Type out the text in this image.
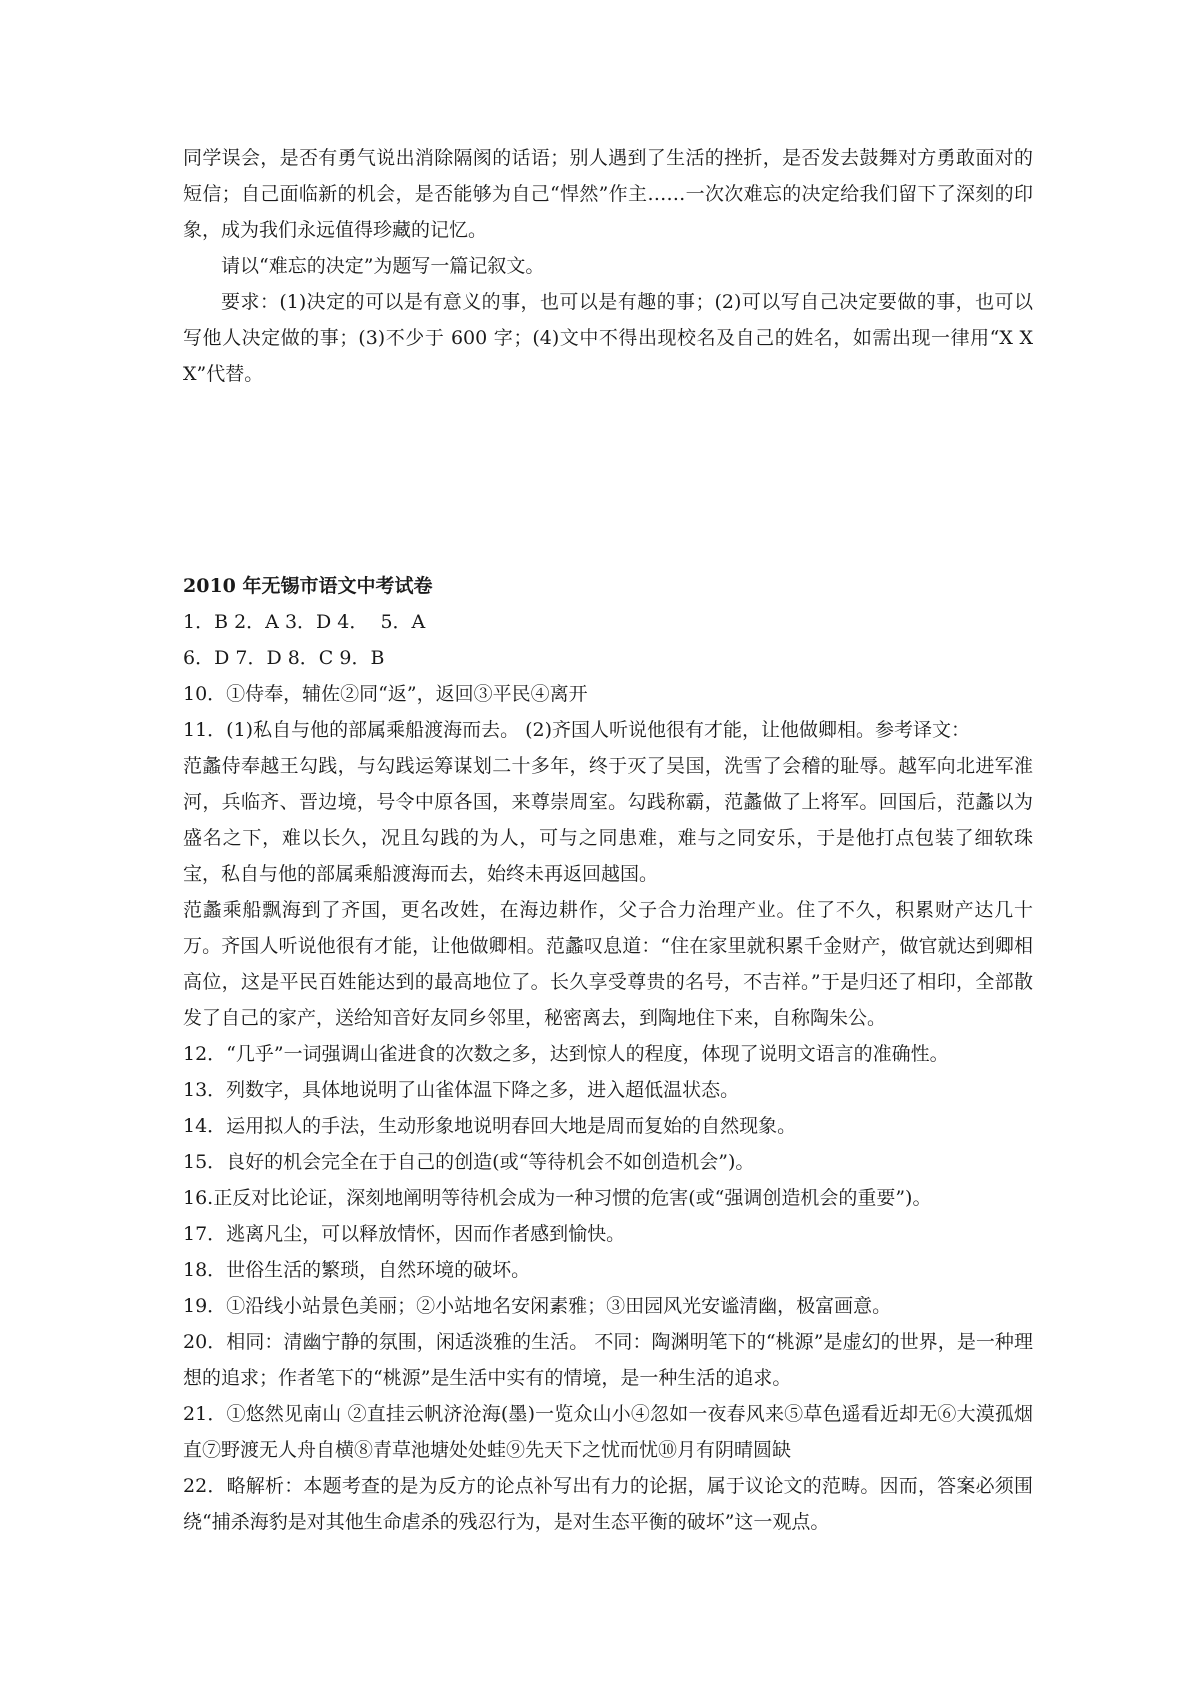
同学误会，是否有勇气说出消除隔阂的话语；别人遇到了生活的挫折，是否发去鼓舞对方勇敢面对的短信；自己面临新的机会，是否能够为自己“悍然”作主……一次次难忘的决定给我们留下了深刻的印象，成为我们永远值得珍藏的记忆。

请以“难忘的决定”为题写一篇记叙文。

要求：(1)决定的可以是有意义的事，也可以是有趣的事；(2)可以写自己决定要做的事，也可以写他人决定做的事；(3)不少于 600 字；(4)文中不得出现校名及自己的姓名，如需出现一律用“X X X”代替。

2010 年无锡市语文中考试卷

1．B 2．A 3．D 4．  5．A

6．D 7．D 8．C 9．B

10．①侍奉，辅佐②同“返”，返回③平民④离开

11．(1)私自与他的部属乘船渡海而去。 (2)齐国人听说他很有才能，让他做卿相。参考译文：

范蠡侍奉越王勾践，与勾践运筹谋划二十多年，终于灭了吴国，洗雪了会稽的耻辱。越军向北进军淮河，兵临齐、晋边境，号令中原各国，来尊崇周室。勾践称霸，范蠡做了上将军。回国后，范蠡以为盛名之下，难以长久，况且勾践的为人，可与之同患难，难与之同安乐，于是他打点包装了细软珠宝，私自与他的部属乘船渡海而去，始终未再返回越国。

范蠡乘船飘海到了齐国，更名改姓，在海边耕作，父子合力治理产业。住了不久，积累财产达几十万。齐国人听说他很有才能，让他做卿相。范蠡叹息道：“住在家里就积累千金财产，做官就达到卿相高位，这是平民百姓能达到的最高地位了。长久享受尊贵的名号，不吉祥。”于是归还了相印，全部散发了自己的家产，送给知音好友同乡邻里，秘密离去，到陶地住下来，自称陶朱公。

12．“几乎”一词强调山雀进食的次数之多，达到惊人的程度，体现了说明文语言的准确性。

13．列数字，具体地说明了山雀体温下降之多，进入超低温状态。

14．运用拟人的手法，生动形象地说明春回大地是周而复始的自然现象。

15．良好的机会完全在于自己的创造(或“等待机会不如创造机会”)。

16.正反对比论证，深刻地阐明等待机会成为一种习惯的危害(或“强调创造机会的重要”)。

17．逃离凡尘，可以释放情怀，因而作者感到愉快。

18．世俗生活的繁琐，自然环境的破坏。

19．①沿线小站景色美丽；②小站地名安闲素雅；③田园风光安谧清幽，极富画意。

20．相同：清幽宁静的氛围，闲适淡雅的生活。 不同：陶渊明笔下的“桃源”是虚幻的世界，是一种理想的追求；作者笔下的“桃源”是生活中实有的情境，是一种生活的追求。

21．①悠然见南山 ②直挂云帆济沧海(墨)一览众山小④忽如一夜春风来⑤草色遥看近却无⑥大漠孤烟直⑦野渡无人舟自横⑧青草池塘处处蛙⑨先天下之忧而忧⑩月有阴晴圆缺

22．略解析：本题考查的是为反方的论点补写出有力的论据，属于议论文的范畴。因而，答案必须围绕“捕杀海豹是对其他生命虐杀的残忍行为，是对生态平衡的破坏”这一观点。
